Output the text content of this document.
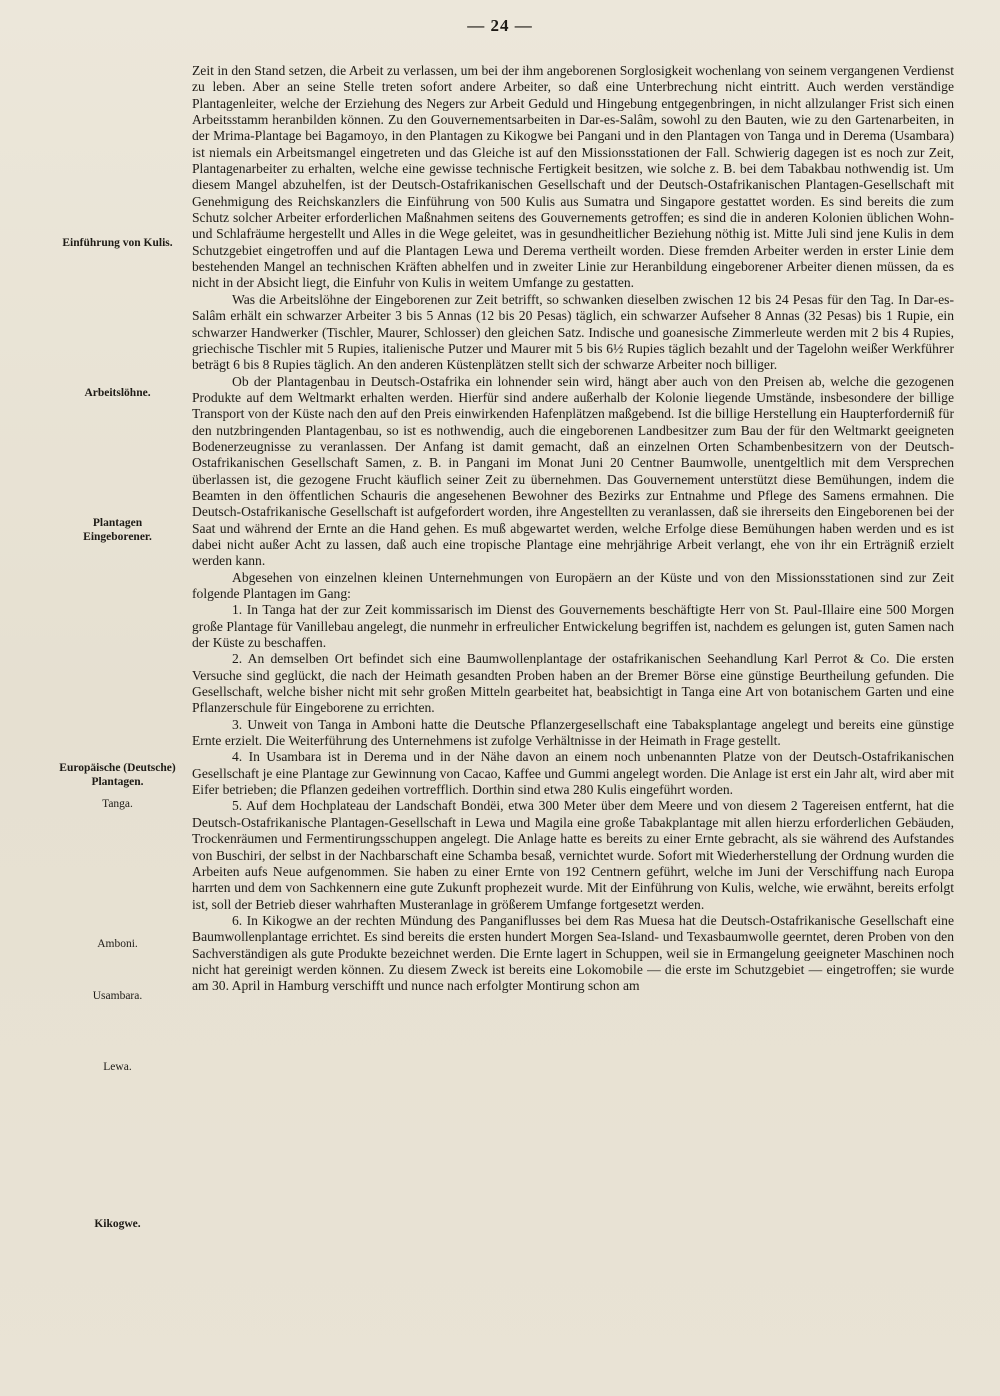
— 24 —
Einführung von Kulis.
Arbeitslöhne.
Plantagen
Eingeborener.
Europäische (Deutsche)
Plantagen.
Tanga.
Amboni.
Usambara.
Lewa.
Kikogwe.

Zeit in den Stand setzen, die Arbeit zu verlassen, um bei der ihm angeborenen Sorglosigkeit wochenlang von seinem vergangenen Verdienst zu leben. Aber an seine Stelle treten sofort andere Arbeiter, so daß eine Unterbrechung nicht eintritt. Auch werden verständige Plantagenleiter, welche der Erziehung des Negers zur Arbeit Geduld und Hingebung entgegenbringen, in nicht allzulanger Frist sich einen Arbeitsstamm heranbilden können. Zu den Gouvernementsarbeiten in Dar-es-Salâm, sowohl zu den Bauten, wie zu den Gartenarbeiten, in der Mrima-Plantage bei Bagamoyo, in den Plantagen zu Kikogwe bei Pangani und in den Plantagen von Tanga und in Derema (Usambara) ist niemals ein Arbeitsmangel eingetreten und das Gleiche ist auf den Missionsstationen der Fall. Schwierig dagegen ist es noch zur Zeit, Plantagenarbeiter zu erhalten, welche eine gewisse technische Fertigkeit besitzen, wie solche z. B. bei dem Tabakbau nothwendig ist. Um diesem Mangel abzuhelfen, ist der Deutsch-Ostafrikanischen Gesellschaft und der Deutsch-Ostafrikanischen Plantagen-Gesellschaft mit Genehmigung des Reichskanzlers die Einführung von 500 Kulis aus Sumatra und Singapore gestattet worden. Es sind bereits die zum Schutz solcher Arbeiter erforderlichen Maßnahmen seitens des Gouvernements getroffen; es sind die in anderen Kolonien üblichen Wohn- und Schlafräume hergestellt und Alles in die Wege geleitet, was in gesundheitlicher Beziehung nöthig ist. Mitte Juli sind jene Kulis in dem Schutzgebiet eingetroffen und auf die Plantagen Lewa und Derema vertheilt worden. Diese fremden Arbeiter werden in erster Linie dem bestehenden Mangel an technischen Kräften abhelfen und in zweiter Linie zur Heranbildung eingeborener Arbeiter dienen müssen, da es nicht in der Absicht liegt, die Einfuhr von Kulis in weitem Umfange zu gestatten.

Was die Arbeitslöhne der Eingeborenen zur Zeit betrifft, so schwanken dieselben zwischen 12 bis 24 Pesas für den Tag. In Dar-es-Salâm erhält ein schwarzer Arbeiter 3 bis 5 Annas (12 bis 20 Pesas) täglich, ein schwarzer Aufseher 8 Annas (32 Pesas) bis 1 Rupie, ein schwarzer Handwerker (Tischler, Maurer, Schlosser) den gleichen Satz. Indische und goanesische Zimmerleute werden mit 2 bis 4 Rupies, griechische Tischler mit 5 Rupies, italienische Putzer und Maurer mit 5 bis 6½ Rupies täglich bezahlt und der Tagelohn weißer Werkführer beträgt 6 bis 8 Rupies täglich. An den anderen Küstenplätzen stellt sich der schwarze Arbeiter noch billiger.

Ob der Plantagenbau in Deutsch-Ostafrika ein lohnender sein wird, hängt aber auch von den Preisen ab, welche die gezogenen Produkte auf dem Weltmarkt erhalten werden. Hierfür sind andere außerhalb der Kolonie liegende Umstände, insbesondere der billige Transport von der Küste nach den auf den Preis einwirkenden Hafenplätzen maßgebend. Ist die billige Herstellung ein Haupterforderniß für den nutzbringenden Plantagenbau, so ist es nothwendig, auch die eingeborenen Landbesitzer zum Bau der für den Weltmarkt geeigneten Bodenerzeugnisse zu veranlassen. Der Anfang ist damit gemacht, daß an einzelnen Orten Schambenbesitzern von der Deutsch-Ostafrikanischen Gesellschaft Samen, z. B. in Pangani im Monat Juni 20 Centner Baumwolle, unentgeltlich mit dem Versprechen überlassen ist, die gezogene Frucht käuflich seiner Zeit zu übernehmen. Das Gouvernement unterstützt diese Bemühungen, indem die Beamten in den öffentlichen Schauris die angesehenen Bewohner des Bezirks zur Entnahme und Pflege des Samens ermahnen. Die Deutsch-Ostafrikanische Gesellschaft ist aufgefordert worden, ihre Angestellten zu veranlassen, daß sie ihrerseits den Eingeborenen bei der Saat und während der Ernte an die Hand gehen. Es muß abgewartet werden, welche Erfolge diese Bemühungen haben werden und es ist dabei nicht außer Acht zu lassen, daß auch eine tropische Plantage eine mehrjährige Arbeit verlangt, ehe von ihr ein Erträgniß erzielt werden kann.

Abgesehen von einzelnen kleinen Unternehmungen von Europäern an der Küste und von den Missionsstationen sind zur Zeit folgende Plantagen im Gang:

1. In Tanga hat der zur Zeit kommissarisch im Dienst des Gouvernements beschäftigte Herr von St. Paul-Illaire eine 500 Morgen große Plantage für Vanillebau angelegt, die nunmehr in erfreulicher Entwickelung begriffen ist, nachdem es gelungen ist, guten Samen nach der Küste zu beschaffen.

2. An demselben Ort befindet sich eine Baumwollenplantage der ostafrikanischen Seehandlung Karl Perrot & Co. Die ersten Versuche sind geglückt, die nach der Heimath gesandten Proben haben an der Bremer Börse eine günstige Beurtheilung gefunden. Die Gesellschaft, welche bisher nicht mit sehr großen Mitteln gearbeitet hat, beabsichtigt in Tanga eine Art von botanischem Garten und eine Pflanzerschule für Eingeborene zu errichten.

3. Unweit von Tanga in Amboni hatte die Deutsche Pflanzergesellschaft eine Tabaksplantage angelegt und bereits eine günstige Ernte erzielt. Die Weiterführung des Unternehmens ist zufolge Verhältnisse in der Heimath in Frage gestellt.

4. In Usambara ist in Derema und in der Nähe davon an einem noch unbenannten Platze von der Deutsch-Ostafrikanischen Gesellschaft je eine Plantage zur Gewinnung von Cacao, Kaffee und Gummi angelegt worden. Die Anlage ist erst ein Jahr alt, wird aber mit Eifer betrieben; die Pflanzen gedeihen vortrefflich. Dorthin sind etwa 280 Kulis eingeführt worden.

5. Auf dem Hochplateau der Landschaft Bondëi, etwa 300 Meter über dem Meere und von diesem 2 Tagereisen entfernt, hat die Deutsch-Ostafrikanische Plantagen-Gesellschaft in Lewa und Magila eine große Tabakplantage mit allen hierzu erforderlichen Gebäuden, Trockenräumen und Fermentirungsschuppen angelegt. Die Anlage hatte es bereits zu einer Ernte gebracht, als sie während des Aufstandes von Buschiri, der selbst in der Nachbarschaft eine Schamba besaß, vernichtet wurde. Sofort mit Wiederherstellung der Ordnung wurden die Arbeiten aufs Neue aufgenommen. Sie haben zu einer Ernte von 192 Centnern geführt, welche im Juni der Verschiffung nach Europa harrten und dem von Sachkennern eine gute Zukunft prophezeit wurde. Mit der Einführung von Kulis, welche, wie erwähnt, bereits erfolgt ist, soll der Betrieb dieser wahrhaften Musteranlage in größerem Umfange fortgesetzt werden.

6. In Kikogwe an der rechten Mündung des Panganiflusses bei dem Ras Muesa hat die Deutsch-Ostafrikanische Gesellschaft eine Baumwollenplantage errichtet. Es sind bereits die ersten hundert Morgen Sea-Island- und Texasbaumwolle geerntet, deren Proben von den Sachverständigen als gute Produkte bezeichnet werden. Die Ernte lagert in Schuppen, weil sie in Ermangelung geeigneter Maschinen noch nicht hat gereinigt werden können. Zu diesem Zweck ist bereits eine Lokomobile — die erste im Schutzgebiet — eingetroffen; sie wurde am 30. April in Hamburg verschifft und nunce nach erfolgter Montirung schon am
